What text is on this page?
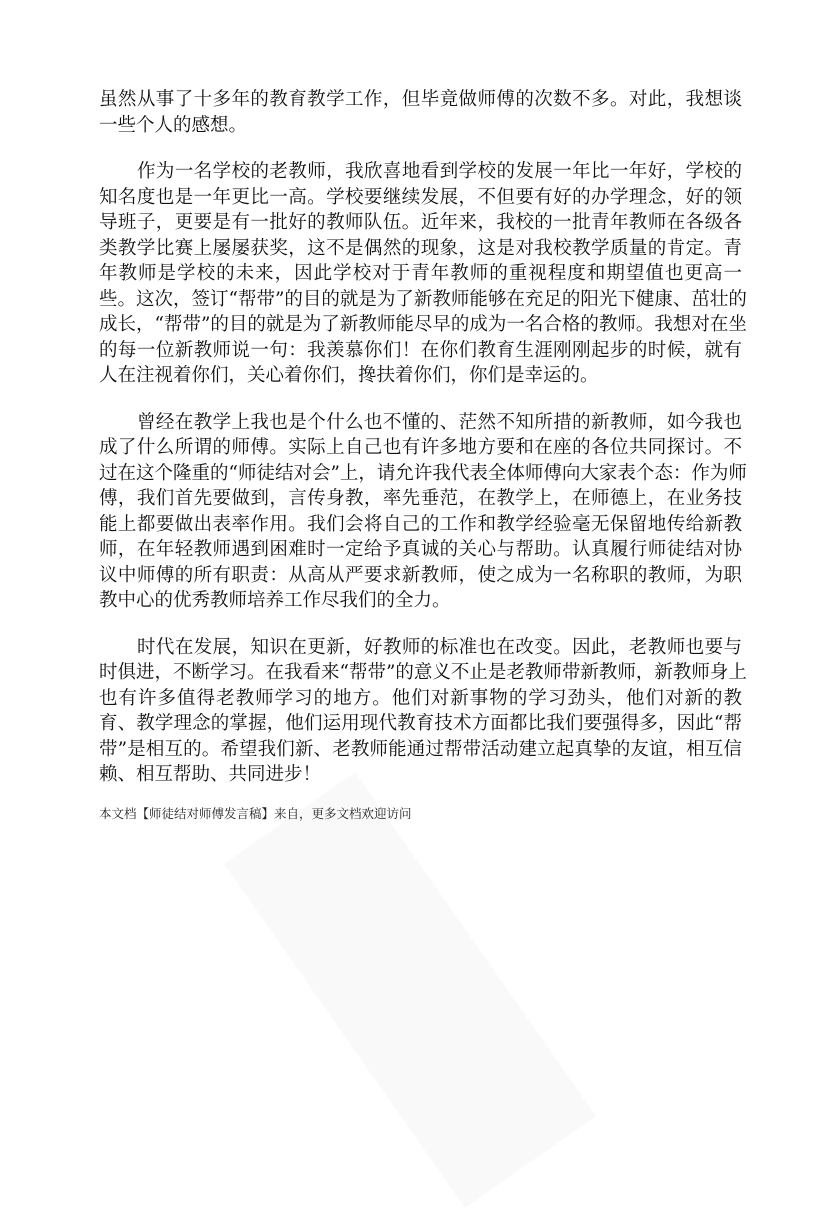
虽然从事了十多年的教育教学工作，但毕竟做师傅的次数不多。对此，我想谈
一些个人的感想。
作为一名学校的老教师，我欣喜地看到学校的发展一年比一年好，学校的
知名度也是一年更比一高。学校要继续发展，不但要有好的办学理念，好的领
导班子，更要是有一批好的教师队伍。近年来，我校的一批青年教师在各级各
类教学比赛上屡屡获奖，这不是偶然的现象，这是对我校教学质量的肯定。青
年教师是学校的未来，因此学校对于青年教师的重视程度和期望值也更高一
些。这次，签订“帮带”的目的就是为了新教师能够在充足的阳光下健康、茁壮的
成长，“帮带”的目的就是为了新教师能尽早的成为一名合格的教师。我想对在坐
的每一位新教师说一句：我羡慕你们！在你们教育生涯刚刚起步的时候，就有
人在注视着你们，关心着你们，搀扶着你们，你们是幸运的。
曾经在教学上我也是个什么也不懂的、茫然不知所措的新教师，如今我也
成了什么所谓的师傅。实际上自己也有许多地方要和在座的各位共同探讨。不
过在这个隆重的“师徒结对会”上，请允许我代表全体师傅向大家表个态：作为师
傅，我们首先要做到，言传身教，率先垂范，在教学上，在师德上，在业务技
能上都要做出表率作用。我们会将自己的工作和教学经验毫无保留地传给新教
师，在年轻教师遇到困难时一定给予真诚的关心与帮助。认真履行师徒结对协
议中师傅的所有职责：从高从严要求新教师，使之成为一名称职的教师，为职
教中心的优秀教师培养工作尽我们的全力。
时代在发展，知识在更新，好教师的标准也在改变。因此，老教师也要与
时俱进，不断学习。在我看来“帮带”的意义不止是老教师带新教师，新教师身上
也有许多值得老教师学习的地方。他们对新事物的学习劲头，他们对新的教
育、教学理念的掌握，他们运用现代教育技术方面都比我们要强得多，因此“帮
带”是相互的。希望我们新、老教师能通过帮带活动建立起真挚的友谊，相互信
赖、相互帮助、共同进步！
本文档【师徒结对师傅发言稿】来自，更多文档欢迎访问
